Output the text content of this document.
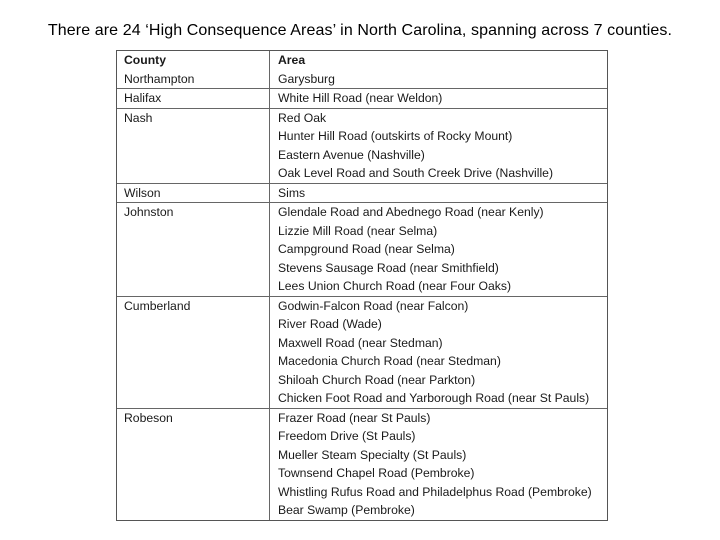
There are 24 ‘High Consequence Areas’ in North Carolina, spanning across 7 counties.
County	Area
Northampton	Garysburg
Halifax	White Hill Road (near Weldon)
Nash	Red Oak
Hunter Hill Road (outskirts of Rocky Mount)
Eastern Avenue (Nashville)
Oak Level Road and South Creek Drive (Nashville)
Wilson	Sims
Johnston	Glendale Road and Abednego Road (near Kenly)
Lizzie Mill Road (near Selma)
Campground Road (near Selma)
Stevens Sausage Road (near Smithfield)
Lees Union Church Road (near Four Oaks)
Cumberland	Godwin-Falcon Road (near Falcon)
River Road (Wade)
Maxwell Road (near Stedman)
Macedonia Church Road (near Stedman)
Shiloah Church Road (near Parkton)
Chicken Foot Road and Yarborough Road (near St Pauls)
Robeson	Frazer Road (near St Pauls)
Freedom Drive (St Pauls)
Mueller Steam Specialty (St Pauls)
Townsend Chapel Road (Pembroke)
Whistling Rufus Road and Philadelphus Road (Pembroke)
Bear Swamp (Pembroke)
